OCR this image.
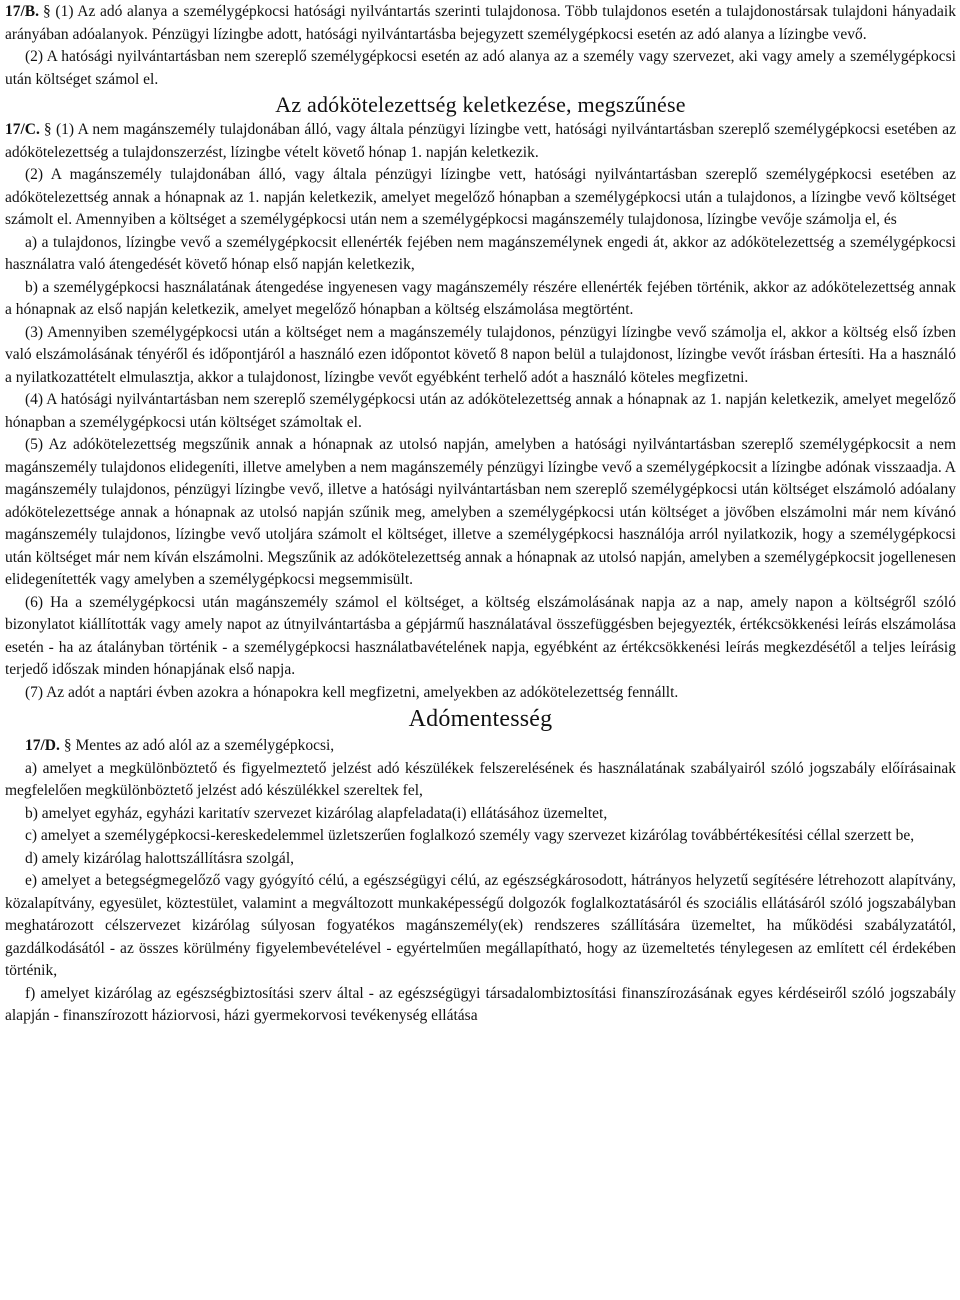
17/B. § (1) Az adó alanya a személygépkocsi hatósági nyilvántartás szerinti tulajdonosa. Több tulajdonos esetén a tulajdonostársak tulajdoni hányadaik arányában adóalanyok. Pénzügyi lízingbe adott, hatósági nyilvántartásba bejegyzett személygépkocsi esetén az adó alanya a lízingbe vevő.

(2) A hatósági nyilvántartásban nem szereplő személygépkocsi esetén az adó alanya az a személy vagy szervezet, aki vagy amely a személygépkocsi után költséget számol el.

Az adókötelezettség keletkezése, megszűnése

17/C. § (1) A nem magánszemély tulajdonában álló, vagy általa pénzügyi lízingbe vett, hatósági nyilvántartásban szereplő személygépkocsi esetében az adókötelezettség a tulajdonszerzést, lízingbe vételt követő hónap 1. napján keletkezik.

(2) A magánszemély tulajdonában álló, vagy általa pénzügyi lízingbe vett, hatósági nyilvántartásban szereplő személygépkocsi esetében az adókötelezettség annak a hónapnak az 1. napján keletkezik, amelyet megelőző hónapban a személygépkocsi után a tulajdonos, a lízingbe vevő költséget számolt el. Amennyiben a költséget a személygépkocsi után nem a személygépkocsi magánszemély tulajdonosa, lízingbe vevője számolja el, és

a) a tulajdonos, lízingbe vevő a személygépkocsit ellenérték fejében nem magánszemélynek engedi át, akkor az adókötelezettség a személygépkocsi használatra való átengedését követő hónap első napján keletkezik,

b) a személygépkocsi használatának átengedése ingyenesen vagy magánszemély részére ellenérték fejében történik, akkor az adókötelezettség annak a hónapnak az első napján keletkezik, amelyet megelőző hónapban a költség elszámolása megtörtént.

(3) Amennyiben személygépkocsi után a költséget nem a magánszemély tulajdonos, pénzügyi lízingbe vevő számolja el, akkor a költség első ízben való elszámolásának tényéről és időpontjáról a használó ezen időpontot követő 8 napon belül a tulajdonost, lízingbe vevőt írásban értesíti. Ha a használó a nyilatkozattételt elmulasztja, akkor a tulajdonost, lízingbe vevőt egyébként terhelő adót a használó köteles megfizetni.

(4) A hatósági nyilvántartásban nem szereplő személygépkocsi után az adókötelezettség annak a hónapnak az 1. napján keletkezik, amelyet megelőző hónapban a személygépkocsi után költséget számoltak el.

(5) Az adókötelezettség megszűnik annak a hónapnak az utolsó napján, amelyben a hatósági nyilvántartásban szereplő személygépkocsit a nem magánszemély tulajdonos elidegeníti, illetve amelyben a nem magánszemély pénzügyi lízingbe vevő a személygépkocsit a lízingbe adónak visszaadja. A magánszemély tulajdonos, pénzügyi lízingbe vevő, illetve a hatósági nyilvántartásban nem szereplő személygépkocsi után költséget elszámoló adóalany adókötelezettsége annak a hónapnak az utolsó napján szűnik meg, amelyben a személygépkocsi után költséget a jövőben elszámolni már nem kívánó magánszemély tulajdonos, lízingbe vevő utoljára számolt el költséget, illetve a személygépkocsi használója arról nyilatkozik, hogy a személygépkocsi után költséget már nem kíván elszámolni. Megszűnik az adókötelezettség annak a hónapnak az utolsó napján, amelyben a személygépkocsit jogellenesen elidegenítették vagy amelyben a személygépkocsi megsemmisült.

(6) Ha a személygépkocsi után magánszemély számol el költséget, a költség elszámolásának napja az a nap, amely napon a költségről szóló bizonylatot kiállították vagy amely napot az útnyilvántartásba a gépjármű használatával összefüggésben bejegyezték, értékcsökkenési leírás elszámolása esetén - ha az átalányban történik - a személygépkocsi használatbavételének napja, egyébként az értékcsökkenési leírás megkezdésétől a teljes leírásig terjedő időszak minden hónapjának első napja.

(7) Az adót a naptári évben azokra a hónapokra kell megfizetni, amelyekben az adókötelezettség fennállt.

Adómentesség

17/D. § Mentes az adó alól az a személygépkocsi,

a) amelyet a megkülönböztető és figyelmeztető jelzést adó készülékek felszerelésének és használatának szabályairól szóló jogszabály előírásainak megfelelően megkülönböztető jelzést adó készülékkel szereltek fel,

b) amelyet egyház, egyházi karitatív szervezet kizárólag alapfeladata(i) ellátásához üzemeltet,

c) amelyet a személygépkocsi-kereskedelemmel üzletszerűen foglalkozó személy vagy szervezet kizárólag továbbértékesítési céllal szerzett be,

d) amely kizárólag halottszállításra szolgál,

e) amelyet a betegségmegelőző vagy gyógyító célú, a egészségügyi célú, az egészségkárosodott, hátrányos helyzetű segítésére létrehozott alapítvány, közalapítvány, egyesület, köztestület, valamint a megváltozott munkaképességű dolgozók foglalkoztatásáról és szociális ellátásáról szóló jogszabályban meghatározott célszervezet kizárólag súlyosan fogyatékos magánszemély(ek) rendszeres szállítására üzemeltet, ha működési szabályzatától, gazdálkodásától - az összes körülmény figyelembevételével - egyértelműen megállapítható, hogy az üzemeltetés ténylegesen az említett cél érdekében történik,

f) amelyet kizárólag az egészségbiztosítási szerv által - az egészségügyi társadalombiztosítási finanszírozásának egyes kérdéseiről szóló jogszabály alapján - finanszírozott háziorvosi, házi gyermekorvosi tevékenység ellátása
